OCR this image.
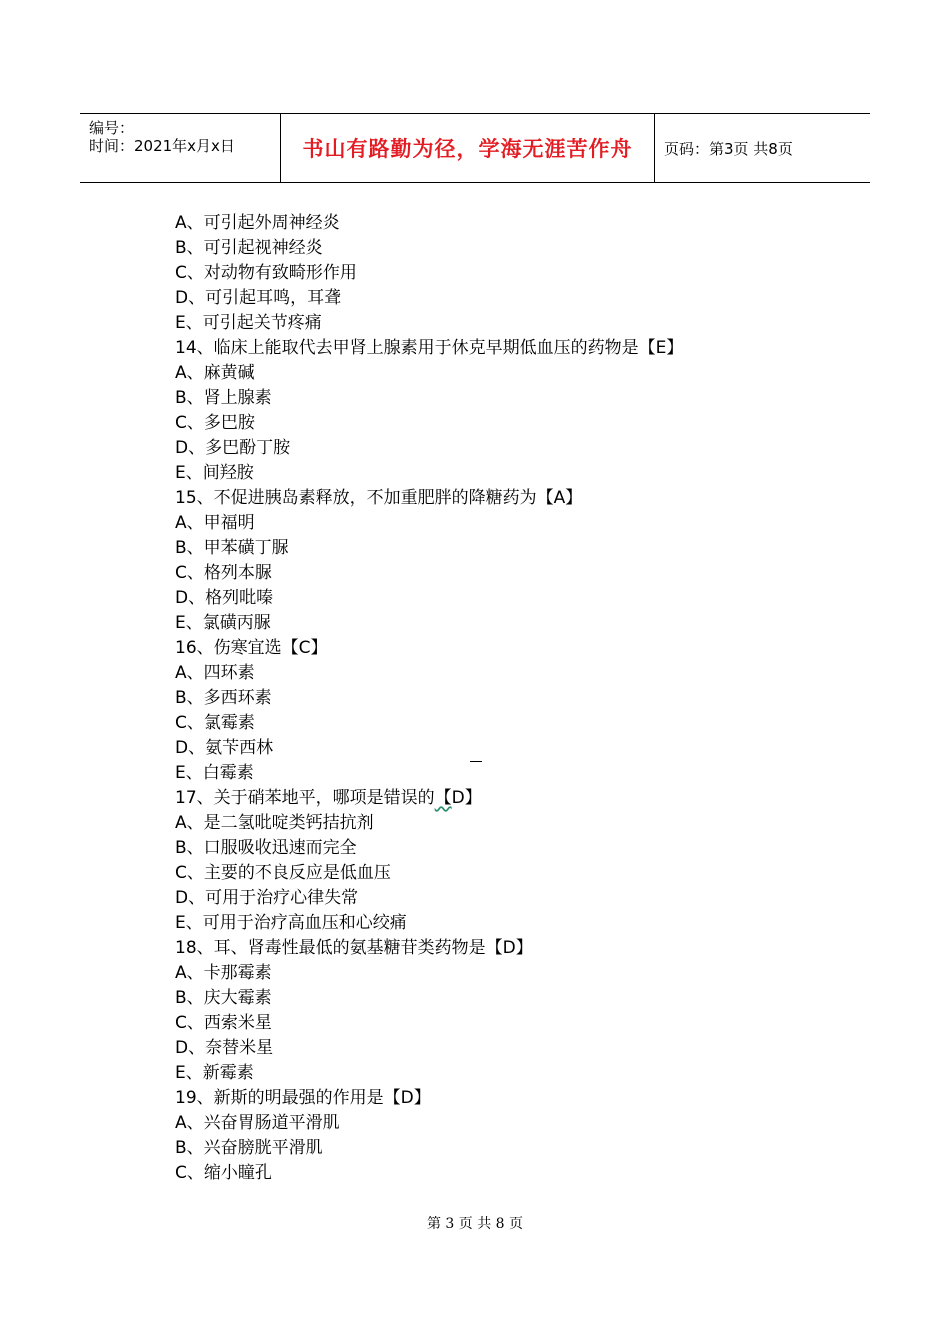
编号：
时间：2021年x月x日	书山有路勤为径，学海无涯苦作舟 页码：第3页 共8页
A、可引起外周神经炎
B、可引起视神经炎
C、对动物有致畸形作用
D、可引起耳鸣，耳聋
E、可引起关节疼痛
14、临床上能取代去甲肾上腺素用于休克早期低血压的药物是【E】
A、麻黄碱
B、肾上腺素
C、多巴胺
D、多巴酚丁胺
E、间羟胺
15、不促进胰岛素释放，不加重肥胖的降糖药为【A】
A、甲福明
B、甲苯磺丁脲
C、格列本脲
D、格列吡嗪
E、氯磺丙脲
16、伤寒宜选【C】
A、四环素
B、多西环素
C、氯霉素
D、氨苄西林
E、白霉素
17、关于硝苯地平，哪项是错误的【D】
A、是二氢吡啶类钙拮抗剂
B、口服吸收迅速而完全
C、主要的不良反应是低血压
D、可用于治疗心律失常
E、可用于治疗高血压和心绞痛
18、耳、肾毒性最低的氨基糖苷类药物是【D】
A、卡那霉素
B、庆大霉素
C、西索米星
D、奈替米星
E、新霉素
19、新斯的明最强的作用是【D】
A、兴奋胃肠道平滑肌
B、兴奋膀胱平滑肌
C、缩小瞳孔
第 3 页 共 8 页
